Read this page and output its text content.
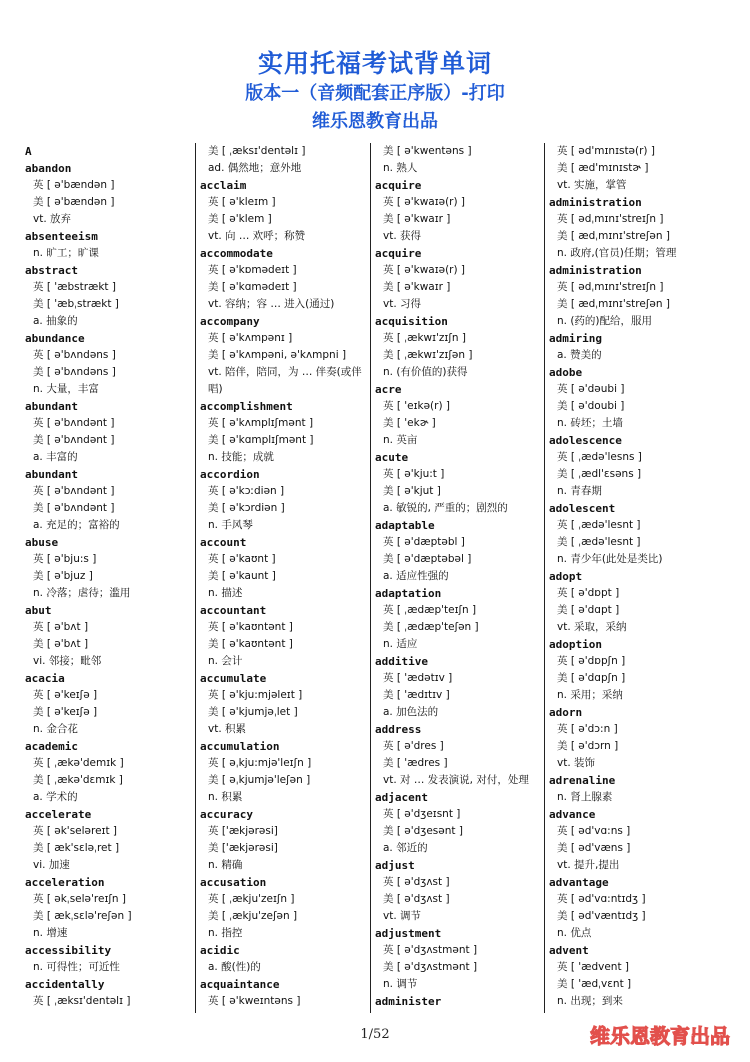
实用托福考试背单词
版本一（音频配套正序版）-打印
维乐恩教育出品
A
abandon
英 [ ə'bændən ]
美 [ ə'bændən ]
vt. 放弃
absenteeism
n. 旷工；旷课
abstract
英 [ 'æbstrækt ]
美 [ 'æbˌstrækt ]
a. 抽象的
abundance
英 [ ə'bʌndəns ]
美 [ ə'bʌndəns ]
n. 大量，丰富
abundant
英 [ ə'bʌndənt ]
美 [ ə'bʌndənt ]
a. 丰富的
abundant
英 [ ə'bʌndənt ]
美 [ ə'bʌndənt ]
a. 充足的；富裕的
abuse
英 [ ə'bju:s ]
美 [ ə'bjuz ]
n. 冷落；虐待；滥用
abut
英 [ ə'bʌt ]
美 [ ə'bʌt ]
vi. 邻接；毗邻
acacia
英 [ ə'keɪʃə ]
美 [ ə'keɪʃə ]
n. 金合花
academic
英 [ ˌækə'demɪk ]
美 [ ˌækə'dɛmɪk ]
a. 学术的
accelerate
英 [ ək'seləreɪt ]
美 [ æk'sɛləˌret ]
vi. 加速
acceleration
英 [ əkˌselə'reɪʃn ]
美 [ ækˌsɛlə'reʃən ]
n. 增速
accessibility
n. 可得性；可近性
accidentally
英 [ ˌæksɪ'dentəlɪ ]
美 [ ˌæksɪ'dentəlɪ ]
ad. 偶然地；意外地
acclaim
英 [ ə'kleɪm ]
美 [ ə'klem ]
vt. 向 … 欢呼；称赞
accommodate
英 [ ə'kɒmədeɪt ]
美 [ ə'kɑmədeɪt ]
vt. 容纳；容 … 进入(通过)
accompany
英 [ ə'kʌmpənɪ ]
美 [ ə'kʌmpəni, ə'kʌmpni ]
vt. 陪伴，陪同，为 … 伴奏(或伴唱)
accomplishment
英 [ ə'kʌmplɪʃmənt ]
美 [ ə'kɑmplɪʃmənt ]
n. 技能；成就
accordion
英 [ ə'kɔːdiən ]
美 [ ə'kɔrdiən ]
n. 手风琴
account
英 [ ə'kaʊnt ]
美 [ ə'kaunt ]
n. 描述
accountant
英 [ ə'kaʊntənt ]
美 [ ə'kaʊntənt ]
n. 会计
accumulate
英 [ ə'kju:mjəleɪt ]
美 [ ə'kjumjəˌlet ]
vt. 积累
accumulation
英 [ əˌkju:mjə'leɪʃn ]
美 [ əˌkjumjə'leʃən ]
n. 积累
accuracy
英 ['ækjərəsi]
美 ['ækjərəsi]
n. 精确
accusation
英 [ ˌækju'zeɪʃn ]
美 [ ˌækju'zeʃən ]
n. 指控
acidic
a. 酸(性)的
acquaintance
英 [ ə'kweɪntəns ]
美 [ ə'kwentəns ]
n. 熟人
acquire
英 [ ə'kwaɪə(r) ]
美 [ ə'kwaɪr ]
vt. 获得
acquire
英 [ ə'kwaɪə(r) ]
美 [ ə'kwaɪr ]
vt. 习得
acquisition
英 [ ˌækwɪ'zɪʃn ]
美 [ ˌækwɪ'zɪʃən ]
n. (有价值的)获得
acre
英 [ 'eɪkə(r) ]
美 [ 'ekɚ ]
n. 英亩
acute
英 [ ə'kju:t ]
美 [ ə'kjut ]
a. 敏锐的, 严重的；剧烈的
adaptable
英 [ ə'dæptəbl ]
美 [ ə'dæptəbəl ]
a. 适应性强的
adaptation
英 [ ˌædæp'teɪʃn ]
美 [ ˌædæp'teʃən ]
n. 适应
additive
英 [ 'ædətɪv ]
美 [ 'ædɪtɪv ]
a. 加色法的
address
英 [ ə'dres ]
美 [ 'ædres ]
vt. 对 … 发表演说, 对付，处理
adjacent
英 [ ə'dʒeɪsnt ]
美 [ ə'dʒesənt ]
a. 邻近的
adjust
英 [ ə'dʒʌst ]
美 [ ə'dʒʌst ]
vt. 调节
adjustment
英 [ ə'dʒʌstmənt ]
美 [ ə'dʒʌstmənt ]
n. 调节
administer
英 [ əd'mɪnɪstə(r) ]
美 [ æd'mɪnɪstɚ ]
vt. 实施，掌管
administration
英 [ ədˌmɪnɪ'streɪʃn ]
美 [ ædˌmɪnɪ'streʃən ]
n. 政府,(官员)任期；管理
administration
英 [ ədˌmɪnɪ'streɪʃn ]
美 [ ædˌmɪnɪ'streʃən ]
n. (药的)配给，服用
admiring
a. 赞美的
adobe
英 [ ə'dəubi ]
美 [ ə'doubi ]
n. 砖坯；土墙
adolescence
英 [ ˌædə'lesns ]
美 [ ˌædl'ɛsəns ]
n. 青春期
adolescent
英 [ ˌædə'lesnt ]
美 [ ˌædə'lesnt ]
n. 青少年(此处是类比)
adopt
英 [ ə'dɒpt ]
美 [ ə'dɑpt ]
vt. 采取，采纳
adoption
英 [ ə'dɒpʃn ]
美 [ ə'dɑpʃn ]
n. 采用；采纳
adorn
英 [ ə'dɔ:n ]
美 [ ə'dɔrn ]
vt. 装饰
adrenaline
n. 肾上腺素
advance
英 [ əd'vɑ:ns ]
美 [ əd'væns ]
vt. 提升,提出
advantage
英 [ əd'vɑ:ntɪdʒ ]
美 [ əd'væntɪdʒ ]
n. 优点
advent
英 [ 'ædvent ]
美 [ 'ædˌvɛnt ]
n. 出现；到来
1/52	维乐恩教育出品
